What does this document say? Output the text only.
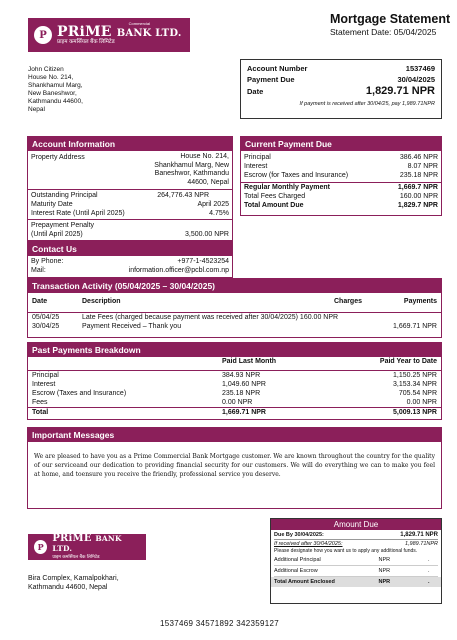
P PRiME BANK LTD.
प्राइम कमर्सियल बैंक लिमिटेड
Commercial	Mortgage Statement
Statement Date: 05/04/2025
John Citizen
House No. 214,
Shankhamul Marg,
New Baneshwor,
Kathmandu 44600,
Nepal
Account Number	1537469
Payment Due	30/04/2025
Date	1,829.71 NPR
If payment is received after 30/04/25, pay 1,989.71NPR
Account Information
Property Address	House No. 214,
Shankhamul Marg, New
Baneshwor, Kathmandu
44600, Nepal
Outstanding Principal	264,776.43 NPR
Maturity Date	April 2025
Interest Rate (Until April 2025)	4.75%
Prepayment Penalty
(Until April 2025)	3,500.00 NPR
Contact Us
By Phone:	+977-1-4523254
Mail:	information.officer@pcbl.com.np
Current Payment Due
Principal	386.46 NPR
Interest	8.07 NPR
Escrow (for Taxes and Insurance)	235.18 NPR
Regular Monthly Payment	1,669.7 NPR
Total Fees Charged	160.00 NPR
Total Amount Due	1,829.7 NPR
Transaction Activity (05/04/2025 – 30/04/2025)
Date	Description	Charges	Payments

05/04/25	Late Fees (charged because payment was received after 30/04/2025) 160.00 NPR		
30/04/25	Payment Received – Thank you		1,669.71 NPR
Past Payments Breakdown
	Paid Last Month	Paid Year to Date

Principal	384.93 NPR	1,150.25 NPR
Interest	1,049.60 NPR	3,153.34 NPR
Escrow (Taxes and Insurance)	235.18 NPR	705.54 NPR
Fees	0.00 NPR	0.00 NPR
Total	1,669.71 NPR	5,009.13 NPR
Important Messages
We are pleased to have you as a Prime Commercial Bank Mortgage customer. We are known throughout the country for the quality of our serviceand our dedication to providing financial security for our customers. We will do everything we can to make you feel at home, and toensure you receive the friendly, professional service you deserve.
Amount Due
Due By 30/04/2025:	1,829.71 NPR
If received after 30/04/2025:	1,989.71NPR
Please designate how you want us to apply any additional funds.
Additional Principal	NPR	.
Additional Escrow	NPR	.
Total Amount Enclosed	NPR	.
P
PRiME BANK LTD.
प्राइम कमर्सियल बैंक लिमिटेड
Bira Complex, Kamalpokhari,
Kathmandu 44600, Nepal
1537469 34571892 342359127
